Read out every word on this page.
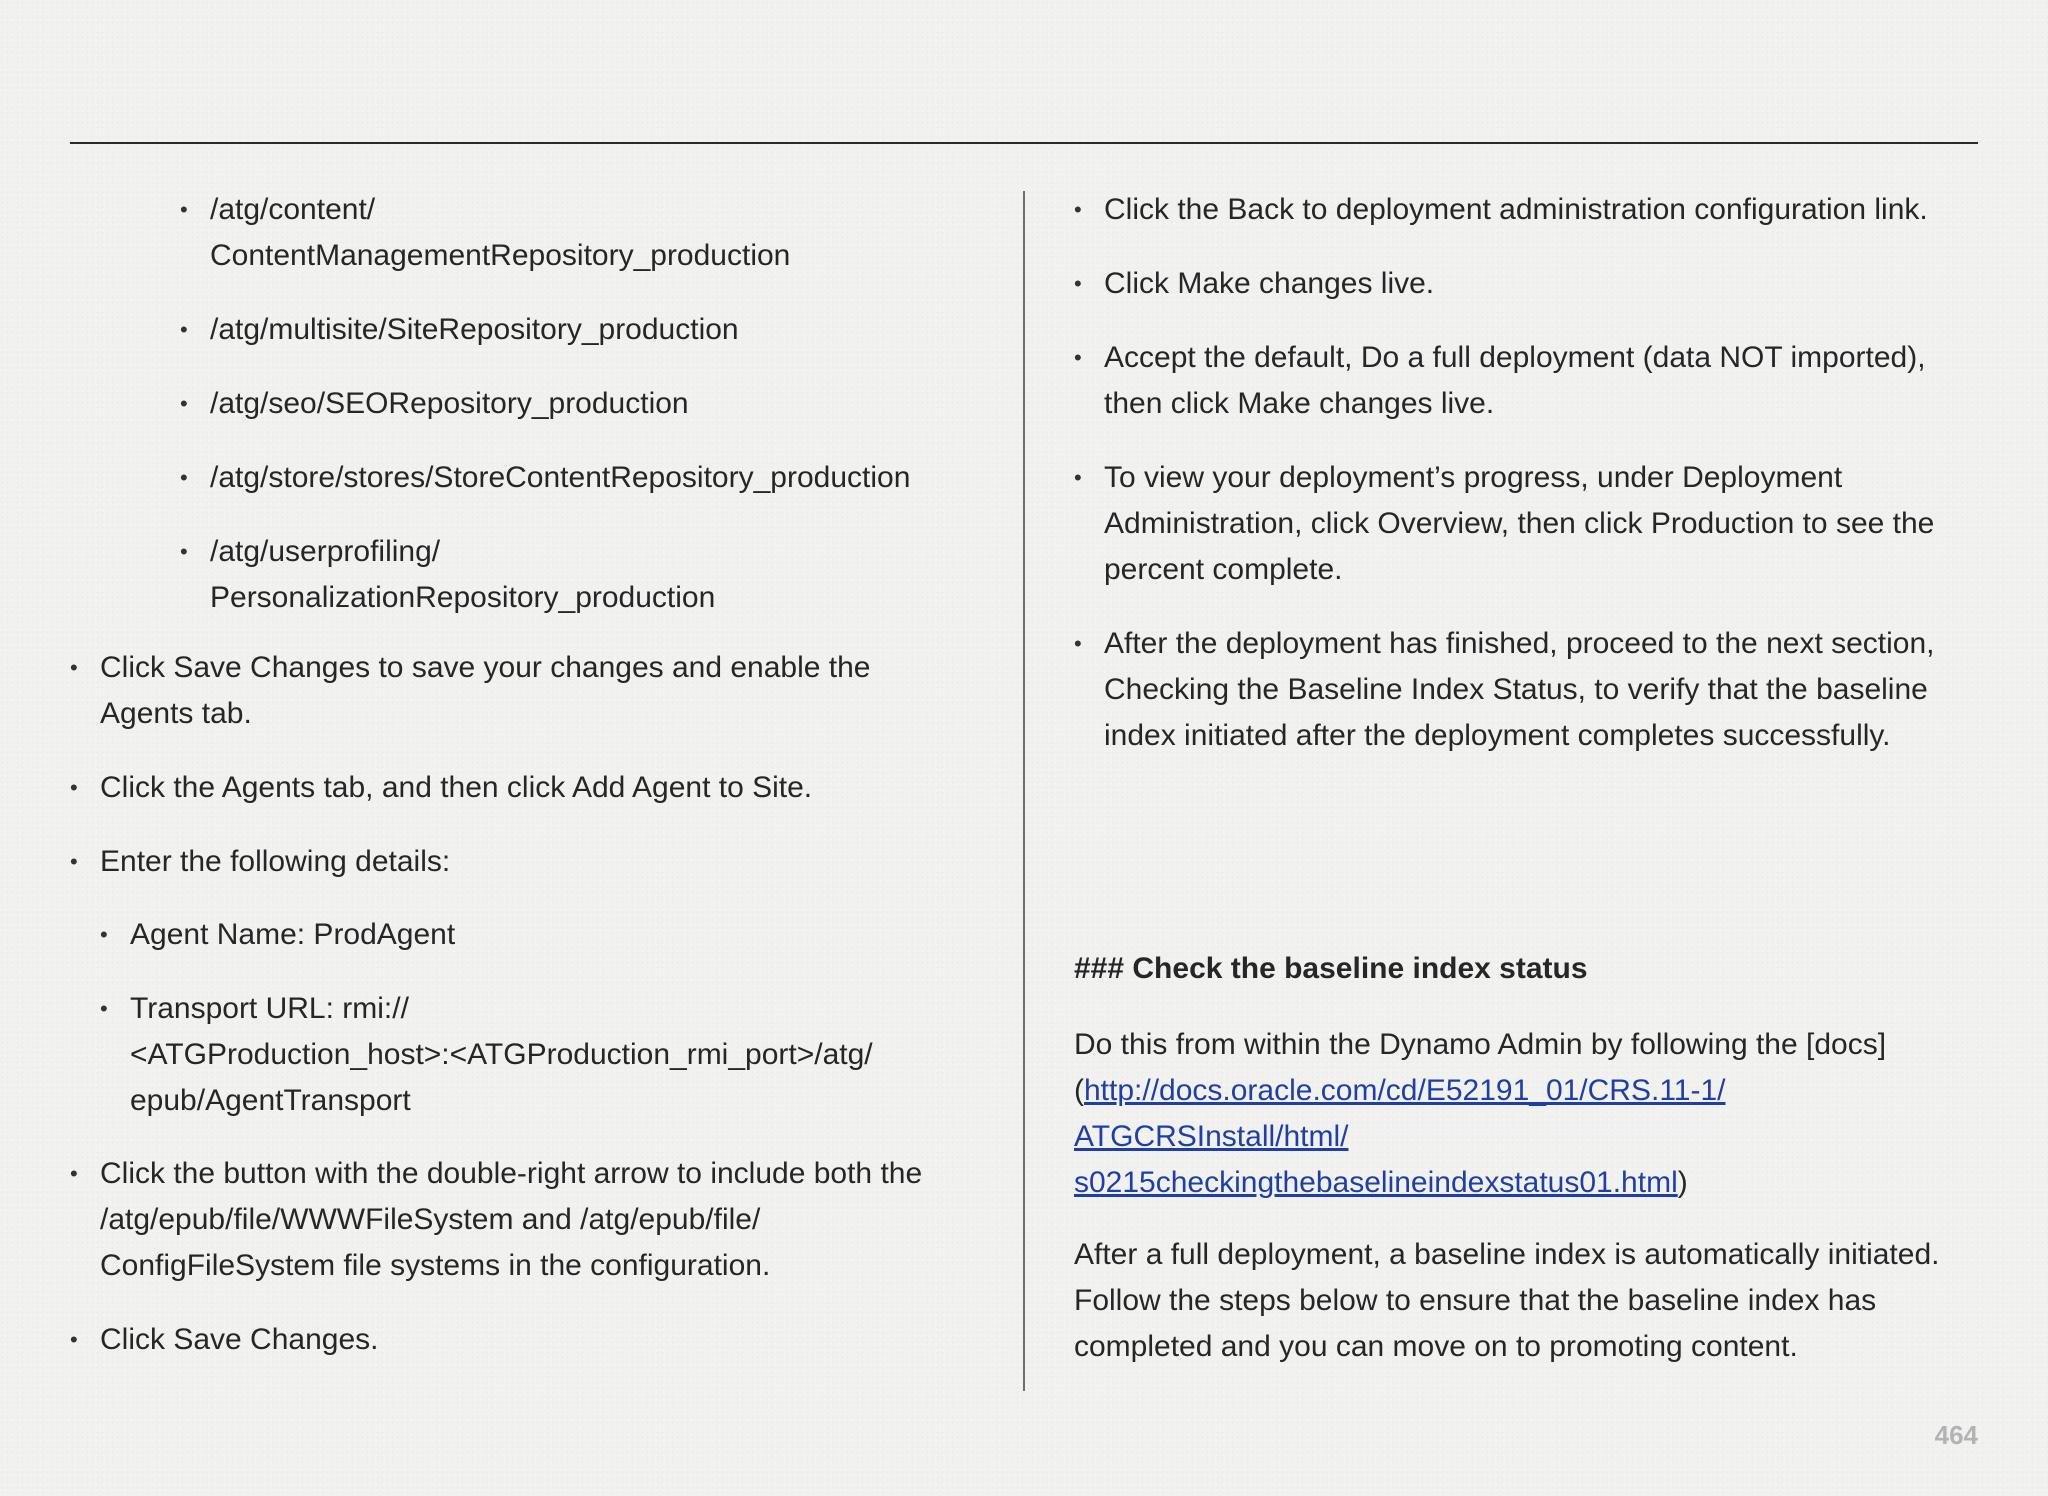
• /atg/content/
ContentManagementRepository_production
• /atg/multisite/SiteRepository_production
• /atg/seo/SEORepository_production
• /atg/store/stores/StoreContentRepository_production
• /atg/userprofiling/
PersonalizationRepository_production
• Click Save Changes to save your changes and enable the Agents tab.
• Click the Agents tab, and then click Add Agent to Site.
• Enter the following details:
• Agent Name: ProdAgent
• Transport URL: rmi://
<ATGProduction_host>:<ATGProduction_rmi_port>/atg/
epub/AgentTransport
• Click the button with the double-right arrow to include both the /atg/epub/file/WWWFileSystem and /atg/epub/file/
ConfigFileSystem file systems in the configuration.
• Click Save Changes.
• Click the Back to deployment administration configuration link.
• Click Make changes live.
• Accept the default, Do a full deployment (data NOT imported), then click Make changes live.
• To view your deployment’s progress, under Deployment Administration, click Overview, then click Production to see the percent complete.
• After the deployment has finished, proceed to the next section, Checking the Baseline Index Status, to verify that the baseline index initiated after the deployment completes successfully.
### Check the baseline index status

Do this from within the Dynamo Admin by following the [docs] (http://docs.oracle.com/cd/E52191_01/CRS.11-1/
ATGCRSInstall/html/
s0215checkingthebaselineindexstatus01.html)

After a full deployment, a baseline index is automatically initiated. Follow the steps below to ensure that the baseline index has completed and you can move on to promoting content.

464
